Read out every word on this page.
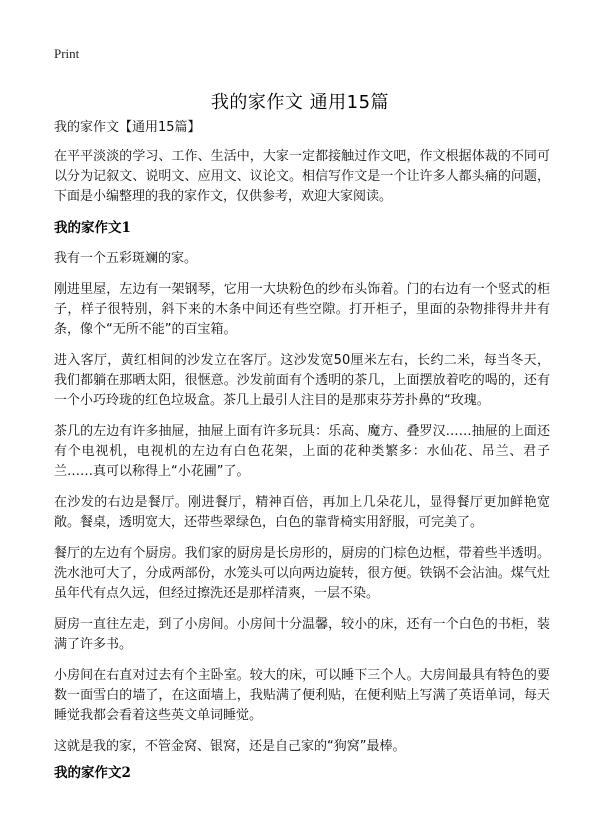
Print
我的家作文 通用15篇
我的家作文【通用15篇】

在平平淡淡的学习、工作、生活中，大家一定都接触过作文吧，作文根据体裁的不同可以分为记叙文、说明文、应用文、议论文。相信写作文是一个让许多人都头痛的问题，下面是小编整理的我的家作文，仅供参考，欢迎大家阅读。

我的家作文1

我有一个五彩斑斓的家。

刚进里屋，左边有一架钢琴，它用一大块粉色的纱布头饰着。门的右边有一个竖式的柜子，样子很特别，斜下来的木条中间还有些空隙。打开柜子，里面的杂物排得井井有条，像个“无所不能”的百宝箱。

进入客厅，黄红相间的沙发立在客厅。这沙发宽50厘米左右，长约二米，每当冬天，我们都躺在那晒太阳，很惬意。沙发前面有个透明的茶几，上面摆放着吃的喝的，还有一个小巧玲珑的红色垃圾盒。茶几上最引人注目的是那束芬芳扑鼻的“玫瑰。

茶几的左边有许多抽屉，抽屉上面有许多玩具：乐高、魔方、叠罗汉……抽屉的上面还有个电视机，电视机的左边有白色花架，上面的花种类繁多：水仙花、吊兰、君子兰……真可以称得上“小花圃”了。

在沙发的右边是餐厅。刚进餐厅，精神百倍，再加上几朵花儿，显得餐厅更加鲜艳宽敞。餐桌，透明宽大，还带些翠绿色，白色的靠背椅实用舒服，可完美了。

餐厅的左边有个厨房。我们家的厨房是长房形的，厨房的门棕色边框，带着些半透明。洗水池可大了，分成两部份，水笼头可以向两边旋转，很方便。铁锅不会沾油。煤气灶虽年代有点久远，但经过擦洗还是那样清爽，一层不染。

厨房一直往左走，到了小房间。小房间十分温馨，较小的床，还有一个白色的书柜，装满了许多书。

小房间在右直对过去有个主卧室。较大的床，可以睡下三个人。大房间最具有特色的要数一面雪白的墙了，在这面墙上，我贴满了便利贴，在便利贴上写满了英语单词，每天睡觉我都会看着这些英文单词睡觉。

这就是我的家，不管金窝、银窝，还是自己家的“狗窝”最棒。

我的家作文2
